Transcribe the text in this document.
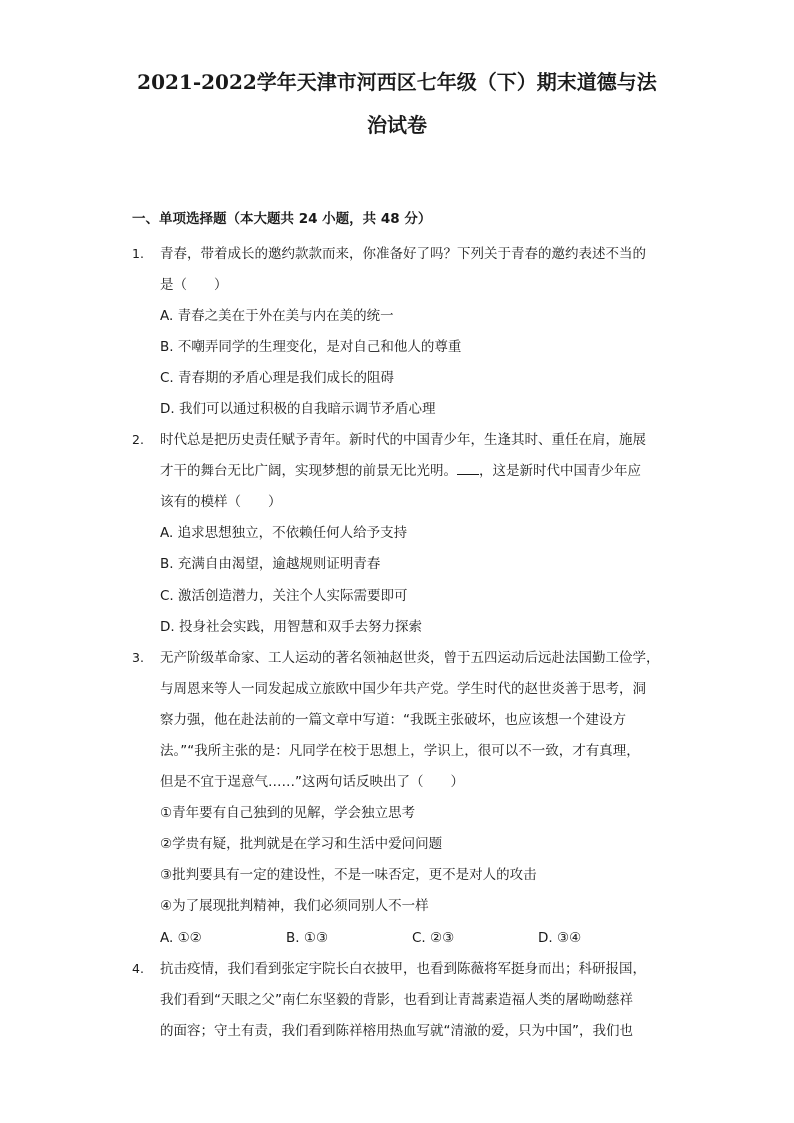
2021-2022学年天津市河西区七年级（下）期末道德与法
治试卷
一、单项选择题（本大题共 24 小题，共 48 分）
1. 青春，带着成长的邀约款款而来，你准备好了吗？下列关于青春的邀约表述不当的
是（　　）
A. 青春之美在于外在美与内在美的统一
B. 不嘲弄同学的生理变化，是对自己和他人的尊重
C. 青春期的矛盾心理是我们成长的阻碍
D. 我们可以通过积极的自我暗示调节矛盾心理
2. 时代总是把历史责任赋予青年。新时代的中国青少年，生逢其时、重任在肩，施展
才干的舞台无比广阔，实现梦想的前景无比光明。 ，这是新时代中国青少年应
该有的模样（　　）
A. 追求思想独立，不依赖任何人给予支持
B. 充满自由渴望，逾越规则证明青春
C. 激活创造潜力，关注个人实际需要即可
D. 投身社会实践，用智慧和双手去努力探索
3. 无产阶级革命家、工人运动的著名领袖赵世炎，曾于五四运动后远赴法国勤工俭学，
与周恩来等人一同发起成立旅欧中国少年共产党。学生时代的赵世炎善于思考，洞
察力强，他在赴法前的一篇文章中写道：“我既主张破坏，也应该想一个建设方
法。”“我所主张的是：凡同学在校于思想上，学识上，很可以不一致，才有真理，
但是不宜于逞意气……”这两句话反映出了（　　）
①青年要有自己独到的见解，学会独立思考
②学贵有疑，批判就是在学习和生活中爱问问题
③批判要具有一定的建设性，不是一味否定，更不是对人的攻击
④为了展现批判精神，我们必须同别人不一样
A. ①②	B. ①③	C. ②③	D. ③④
4. 抗击疫情，我们看到张定宇院长白衣披甲，也看到陈薇将军挺身而出；科研报国，
我们看到“天眼之父”南仁东坚毅的背影，也看到让青蒿素造福人类的屠呦呦慈祥
的面容；守土有责，我们看到陈祥榕用热血写就“清澈的爱，只为中国”，我们也
